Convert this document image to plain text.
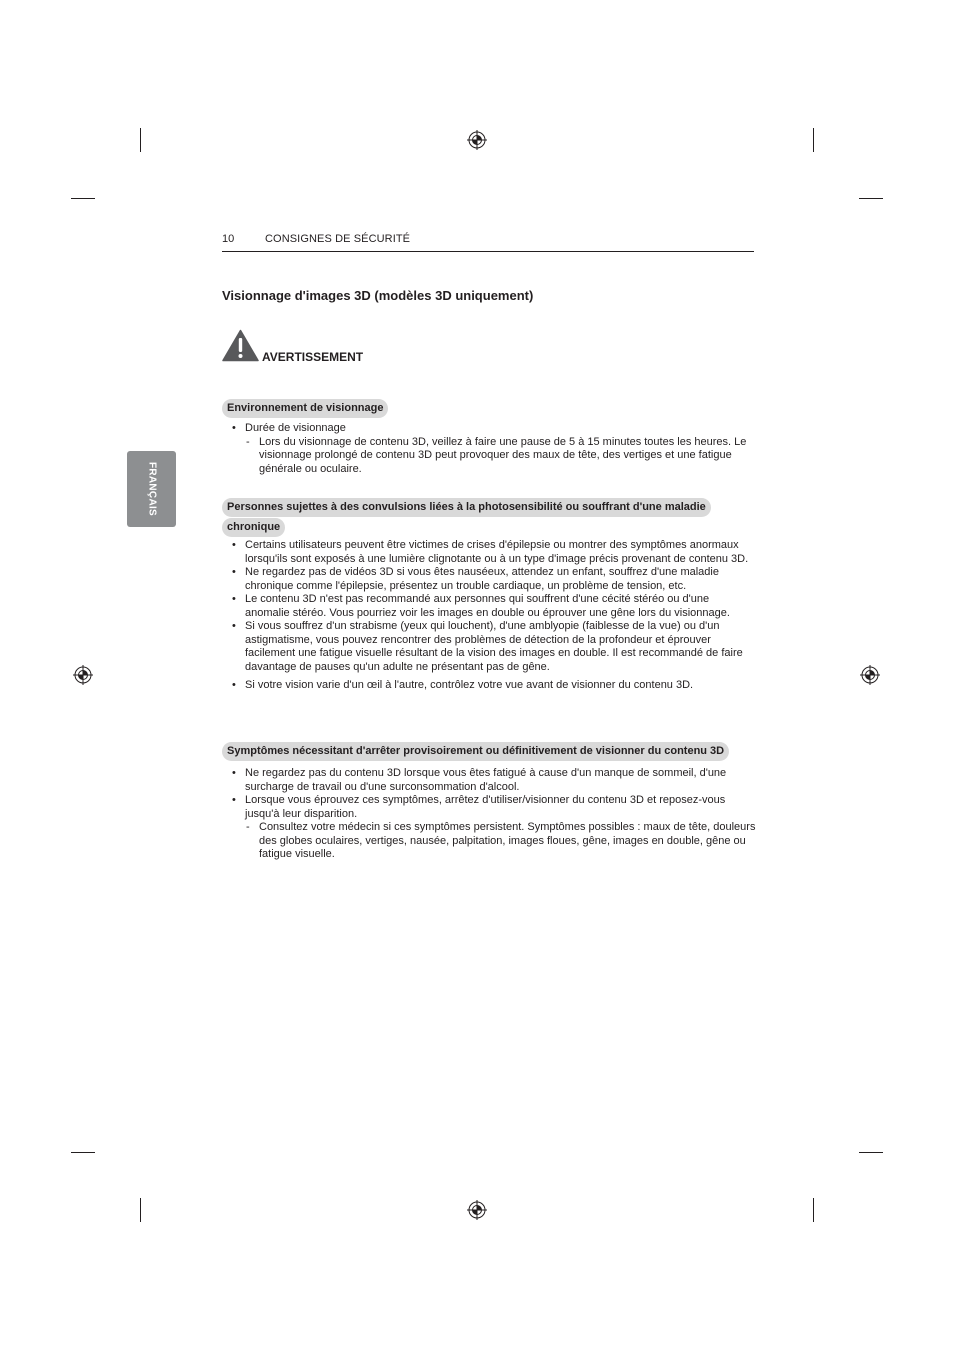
10	CONSIGNES DE SÉCURITÉ
FRANÇAIS
Visionnage d'images 3D (modèles 3D uniquement)
AVERTISSEMENT
Environnement de visionnage
• Durée de visionnage
- Lors du visionnage de contenu 3D, veillez à faire une pause de 5 à 15 minutes toutes les heures. Le visionnage prolongé de contenu 3D peut provoquer des maux de tête, des vertiges et une fatigue générale ou oculaire.
Personnes sujettes à des convulsions liées à la photosensibilité ou souffrant d'une maladie
chronique
• Certains utilisateurs peuvent être victimes de crises d'épilepsie ou montrer des symptômes anormaux lorsqu'ils sont exposés à une lumière clignotante ou à un type d'image précis provenant de contenu 3D.
• Ne regardez pas de vidéos 3D si vous êtes nauséeux, attendez un enfant, souffrez d'une maladie chronique comme l'épilepsie, présentez un trouble cardiaque, un problème de tension, etc.
• Le contenu 3D n'est pas recommandé aux personnes qui souffrent d'une cécité stéréo ou d'une anomalie stéréo. Vous pourriez voir les images en double ou éprouver une gêne lors du visionnage.
• Si vous souffrez d'un strabisme (yeux qui louchent), d'une amblyopie (faiblesse de la vue) ou d'un astigmatisme, vous pouvez rencontrer des problèmes de détection de la profondeur et éprouver facilement une fatigue visuelle résultant de la vision des images en double. Il est recommandé de faire davantage de pauses qu'un adulte ne présentant pas de gêne.
• Si votre vision varie d'un œil à l'autre, contrôlez votre vue avant de visionner du contenu 3D.
Symptômes nécessitant d'arrêter provisoirement ou définitivement de visionner du contenu 3D
• Ne regardez pas du contenu 3D lorsque vous êtes fatigué à cause d'un manque de sommeil, d'une surcharge de travail ou d'une surconsommation d'alcool.
• Lorsque vous éprouvez ces symptômes, arrêtez d'utiliser/visionner du contenu 3D et reposez-vous jusqu'à leur disparition.
- Consultez votre médecin si ces symptômes persistent. Symptômes possibles : maux de tête, douleurs des globes oculaires, vertiges, nausée, palpitation, images floues, gêne, images en double, gêne ou fatigue visuelle.
